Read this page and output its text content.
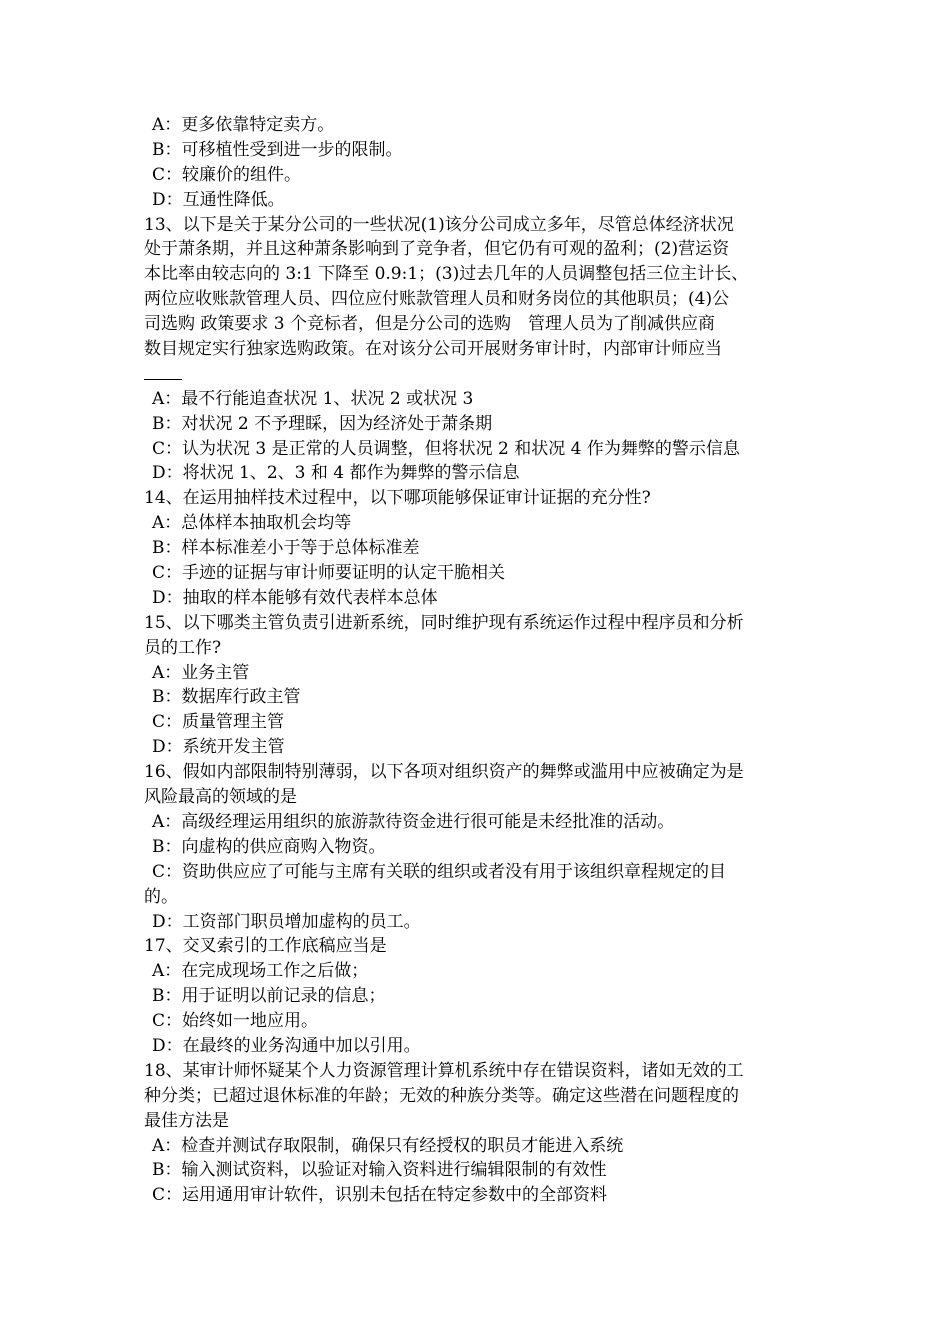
A：更多依靠特定卖方。
B：可移植性受到进一步的限制。
C：较廉价的组件。
D：互通性降低。
13、以下是关于某分公司的一些状况(1)该分公司成立多年，尽管总体经济状况
处于萧条期，并且这种萧条影响到了竞争者，但它仍有可观的盈利；(2)营运资
本比率由较志向的 3:1 下降至 0.9:1；(3)过去几年的人员调整包括三位主计长、
两位应收账款管理人员、四位应付账款管理人员和财务岗位的其他职员；(4)公
司选购 政策要求 3 个竞标者，但是分公司的选购　管理人员为了削减供应商
数目规定实行独家选购政策。在对该分公司开展财务审计时，内部审计师应当
A：最不行能追查状况 1、状况 2 或状况 3
B：对状况 2 不予理睬，因为经济处于萧条期
C：认为状况 3 是正常的人员调整，但将状况 2 和状况 4 作为舞弊的警示信息
D：将状况 1、2、3 和 4 都作为舞弊的警示信息
14、在运用抽样技术过程中，以下哪项能够保证审计证据的充分性?
A：总体样本抽取机会均等
B：样本标准差小于等于总体标准差
C：手迹的证据与审计师要证明的认定干脆相关
D：抽取的样本能够有效代表样本总体
15、以下哪类主管负责引进新系统，同时维护现有系统运作过程中程序员和分析
员的工作?
A：业务主管
B：数据库行政主管
C：质量管理主管
D：系统开发主管
16、假如内部限制特别薄弱，以下各项对组织资产的舞弊或滥用中应被确定为是
风险最高的领域的是
A：高级经理运用组织的旅游款待资金进行很可能是未经批准的活动。
B：向虚构的供应商购入物资。
C：资助供应应了可能与主席有关联的组织或者没有用于该组织章程规定的目
的。
D：工资部门职员增加虚构的员工。
17、交叉索引的工作底稿应当是
A：在完成现场工作之后做；
B：用于证明以前记录的信息；
C：始终如一地应用。
D：在最终的业务沟通中加以引用。
18、某审计师怀疑某个人力资源管理计算机系统中存在错误资料，诸如无效的工
种分类；已超过退休标准的年龄；无效的种族分类等。确定这些潜在问题程度的
最佳方法是
A：检查并测试存取限制，确保只有经授权的职员才能进入系统
B：输入测试资料，以验证对输入资料进行编辑限制的有效性
C：运用通用审计软件，识别未包括在特定参数中的全部资料
